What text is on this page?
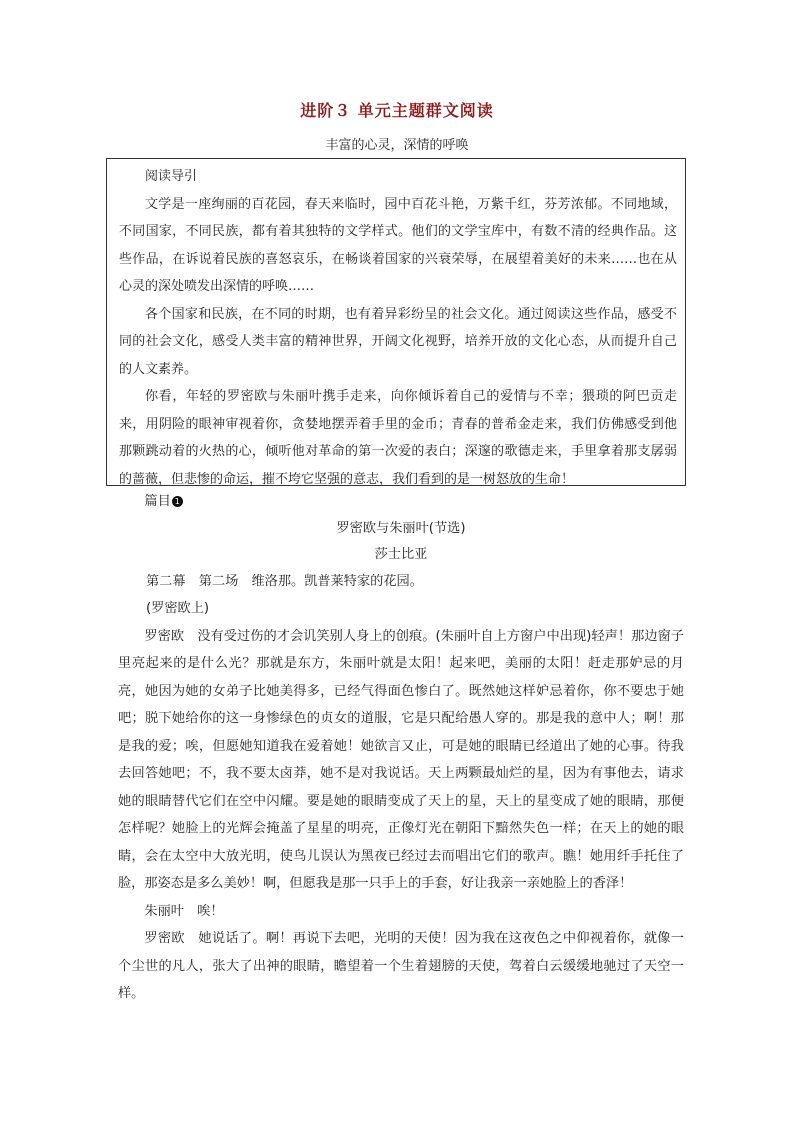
进阶３ 单元主题群文阅读
丰富的心灵，深情的呼唤

阅读导引

文学是一座绚丽的百花园，春天来临时，园中百花斗艳，万紫千红，芬芳浓郁。不同地域，不同国家，不同民族，都有着其独特的文学样式。他们的文学宝库中，有数不清的经典作品。这些作品，在诉说着民族的喜怒哀乐，在畅谈着国家的兴衰荣辱，在展望着美好的未来……也在从心灵的深处喷发出深情的呼唤……

各个国家和民族，在不同的时期，也有着异彩纷呈的社会文化。通过阅读这些作品，感受不同的社会文化，感受人类丰富的精神世界，开阔文化视野，培养开放的文化心态，从而提升自己的人文素养。

你看，年轻的罗密欧与朱丽叶携手走来，向你倾诉着自己的爱情与不幸；猥琐的阿巴贡走来，用阴险的眼神审视着你，贪婪地摆弄着手里的金币；青春的普希金走来，我们仿佛感受到他那颗跳动着的火热的心，倾听他对革命的第一次爱的表白；深邃的歌德走来，手里拿着那支孱弱的蔷薇，但悲惨的命运，摧不垮它坚强的意志，我们看到的是一树怒放的生命！

篇目 1

罗密欧与朱丽叶(节选)

莎士比亚

第二幕　第二场　维洛那。凯普莱特家的花园。

(罗密欧上)

罗密欧　没有受过伤的才会讥笑别人身上的创痕。(朱丽叶自上方窗户中出现)轻声！那边窗子里亮起来的是什么光？那就是东方，朱丽叶就是太阳！起来吧，美丽的太阳！赶走那妒忌的月亮，她因为她的女弟子比她美得多，已经气得面色惨白了。既然她这样妒忌着你，你不要忠于她吧；脱下她给你的这一身惨绿色的贞女的道服，它是只配给愚人穿的。那是我的意中人；啊！那是我的爱；唉，但愿她知道我在爱着她！她欲言又止，可是她的眼睛已经道出了她的心事。待我去回答她吧；不，我不要太卤莽，她不是对我说话。天上两颗最灿烂的星，因为有事他去，请求她的眼睛替代它们在空中闪耀。要是她的眼睛变成了天上的星，天上的星变成了她的眼睛，那便怎样呢？她脸上的光辉会掩盖了星星的明亮，正像灯光在朝阳下黯然失色一样；在天上的她的眼睛，会在太空中大放光明，使鸟儿误认为黑夜已经过去而唱出它们的歌声。瞧！她用纤手托住了脸，那姿态是多么美妙！啊，但愿我是那一只手上的手套，好让我亲一亲她脸上的香泽！

朱丽叶　唉！

罗密欧　她说话了。啊！再说下去吧，光明的天使！因为我在这夜色之中仰视着你，就像一个尘世的凡人，张大了出神的眼睛，瞻望着一个生着翅膀的天使，驾着白云缓缓地驰过了天空一样。
